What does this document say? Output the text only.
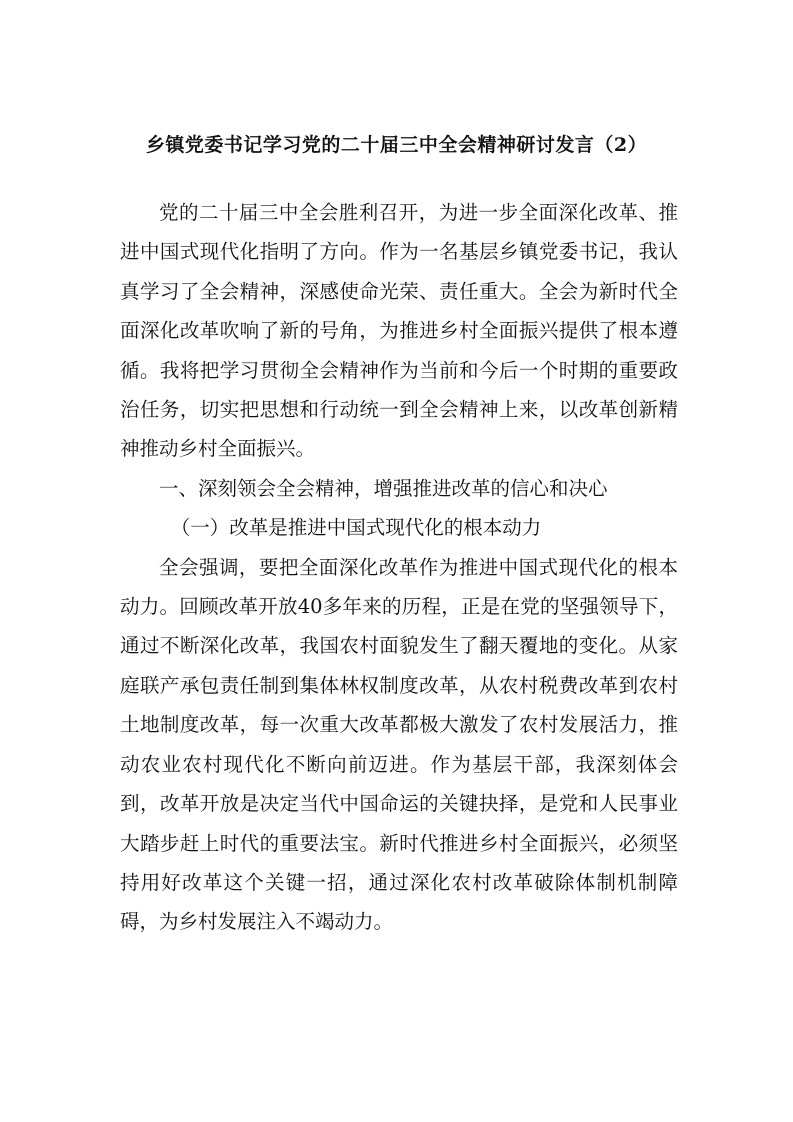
乡镇党委书记学习党的二十届三中全会精神研讨发言（2）

党的二十届三中全会胜利召开，为进一步全面深化改革、推进中国式现代化指明了方向。作为一名基层乡镇党委书记，我认真学习了全会精神，深感使命光荣、责任重大。全会为新时代全面深化改革吹响了新的号角，为推进乡村全面振兴提供了根本遵循。我将把学习贯彻全会精神作为当前和今后一个时期的重要政治任务，切实把思想和行动统一到全会精神上来，以改革创新精神推动乡村全面振兴。

一、深刻领会全会精神，增强推进改革的信心和决心

（一）改革是推进中国式现代化的根本动力

全会强调，要把全面深化改革作为推进中国式现代化的根本动力。回顾改革开放40多年来的历程，正是在党的坚强领导下，通过不断深化改革，我国农村面貌发生了翻天覆地的变化。从家庭联产承包责任制到集体林权制度改革，从农村税费改革到农村土地制度改革，每一次重大改革都极大激发了农村发展活力，推动农业农村现代化不断向前迈进。作为基层干部，我深刻体会到，改革开放是决定当代中国命运的关键抉择，是党和人民事业大踏步赶上时代的重要法宝。新时代推进乡村全面振兴，必须坚持用好改革这个关键一招，通过深化农村改革破除体制机制障碍，为乡村发展注入不竭动力。
